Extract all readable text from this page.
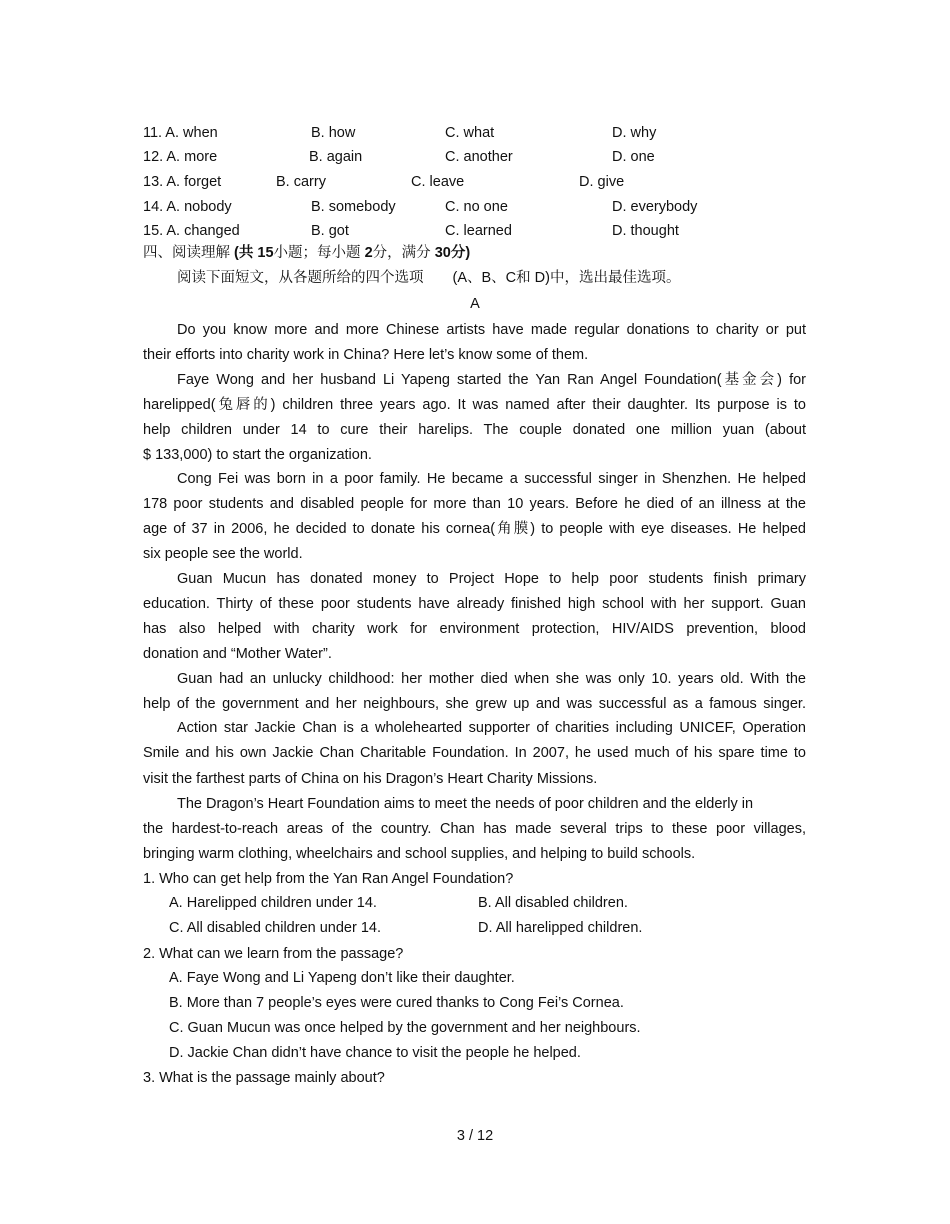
11. A. when	B. how	C. what	D. why
12. A. more	B. again	C. another	D. one
13. A. forget	B. carry	C. leave	D. give
14. A. nobody	B. somebody	C. no one	D. everybody
15. A. changed	B. got	C. learned	D. thought
四、阅读理解 (共 15小题；每小题 2分，满分 30分)
阅读下面短文，从各题所给的四个选项　　(A、B、C和 D)中，选出最佳选项。
A
Do you know more and more Chinese artists have made regular donations to charity or put
their efforts into charity work in China? Here let’s know some of them.
Faye Wong and her husband Li Yapeng started the Yan Ran Angel Foundation(基金会) for
harelipped(兔唇的) children three years ago. It was named after their daughter. Its purpose is to
help children under 14 to cure their harelips. The couple donated one million yuan (about
$ 133,000) to start the organization.
Cong Fei was born in a poor family. He became a successful singer in Shenzhen. He helped
178 poor students and disabled people for more than 10 years. Before he died of an illness at the
age of 37 in 2006, he decided to donate his cornea(角膜) to people with eye diseases. He helped
six people see the world.
Guan Mucun has donated money to Project Hope to help poor students finish primary
education. Thirty of these poor students have already finished high school with her support. Guan
has also helped with charity work for environment protection, HIV/AIDS prevention, blood
donation and “Mother Water”.
Guan had an unlucky childhood: her mother died when she was only 10. years old. With the
help of the government and her neighbours, she grew up and was successful as a famous singer.
Action star Jackie Chan is a wholehearted supporter of charities including UNICEF, Operation
Smile and his own Jackie Chan Charitable Foundation. In 2007, he used much of his spare time to
visit the farthest parts of China on his Dragon’s Heart Charity Missions.
The Dragon’s Heart Foundation aims to meet the needs of poor children and the elderly in
the hardest-to-reach areas of the country. Chan has made several trips to these poor villages,
bringing warm clothing, wheelchairs and school supplies, and helping to build schools.
1. Who can get help from the Yan Ran Angel Foundation?
A. Harelipped children under 14.	B. All disabled children.
C. All disabled children under 14.	D. All harelipped children.
2. What can we learn from the passage?
A. Faye Wong and Li Yapeng don’t like their daughter.
B. More than 7 people’s eyes were cured thanks to Cong Fei’s Cornea.
C. Guan Mucun was once helped by the government and her neighbours.
D. Jackie Chan didn’t have chance to visit the people he helped.
3. What is the passage mainly about?
3 / 12
